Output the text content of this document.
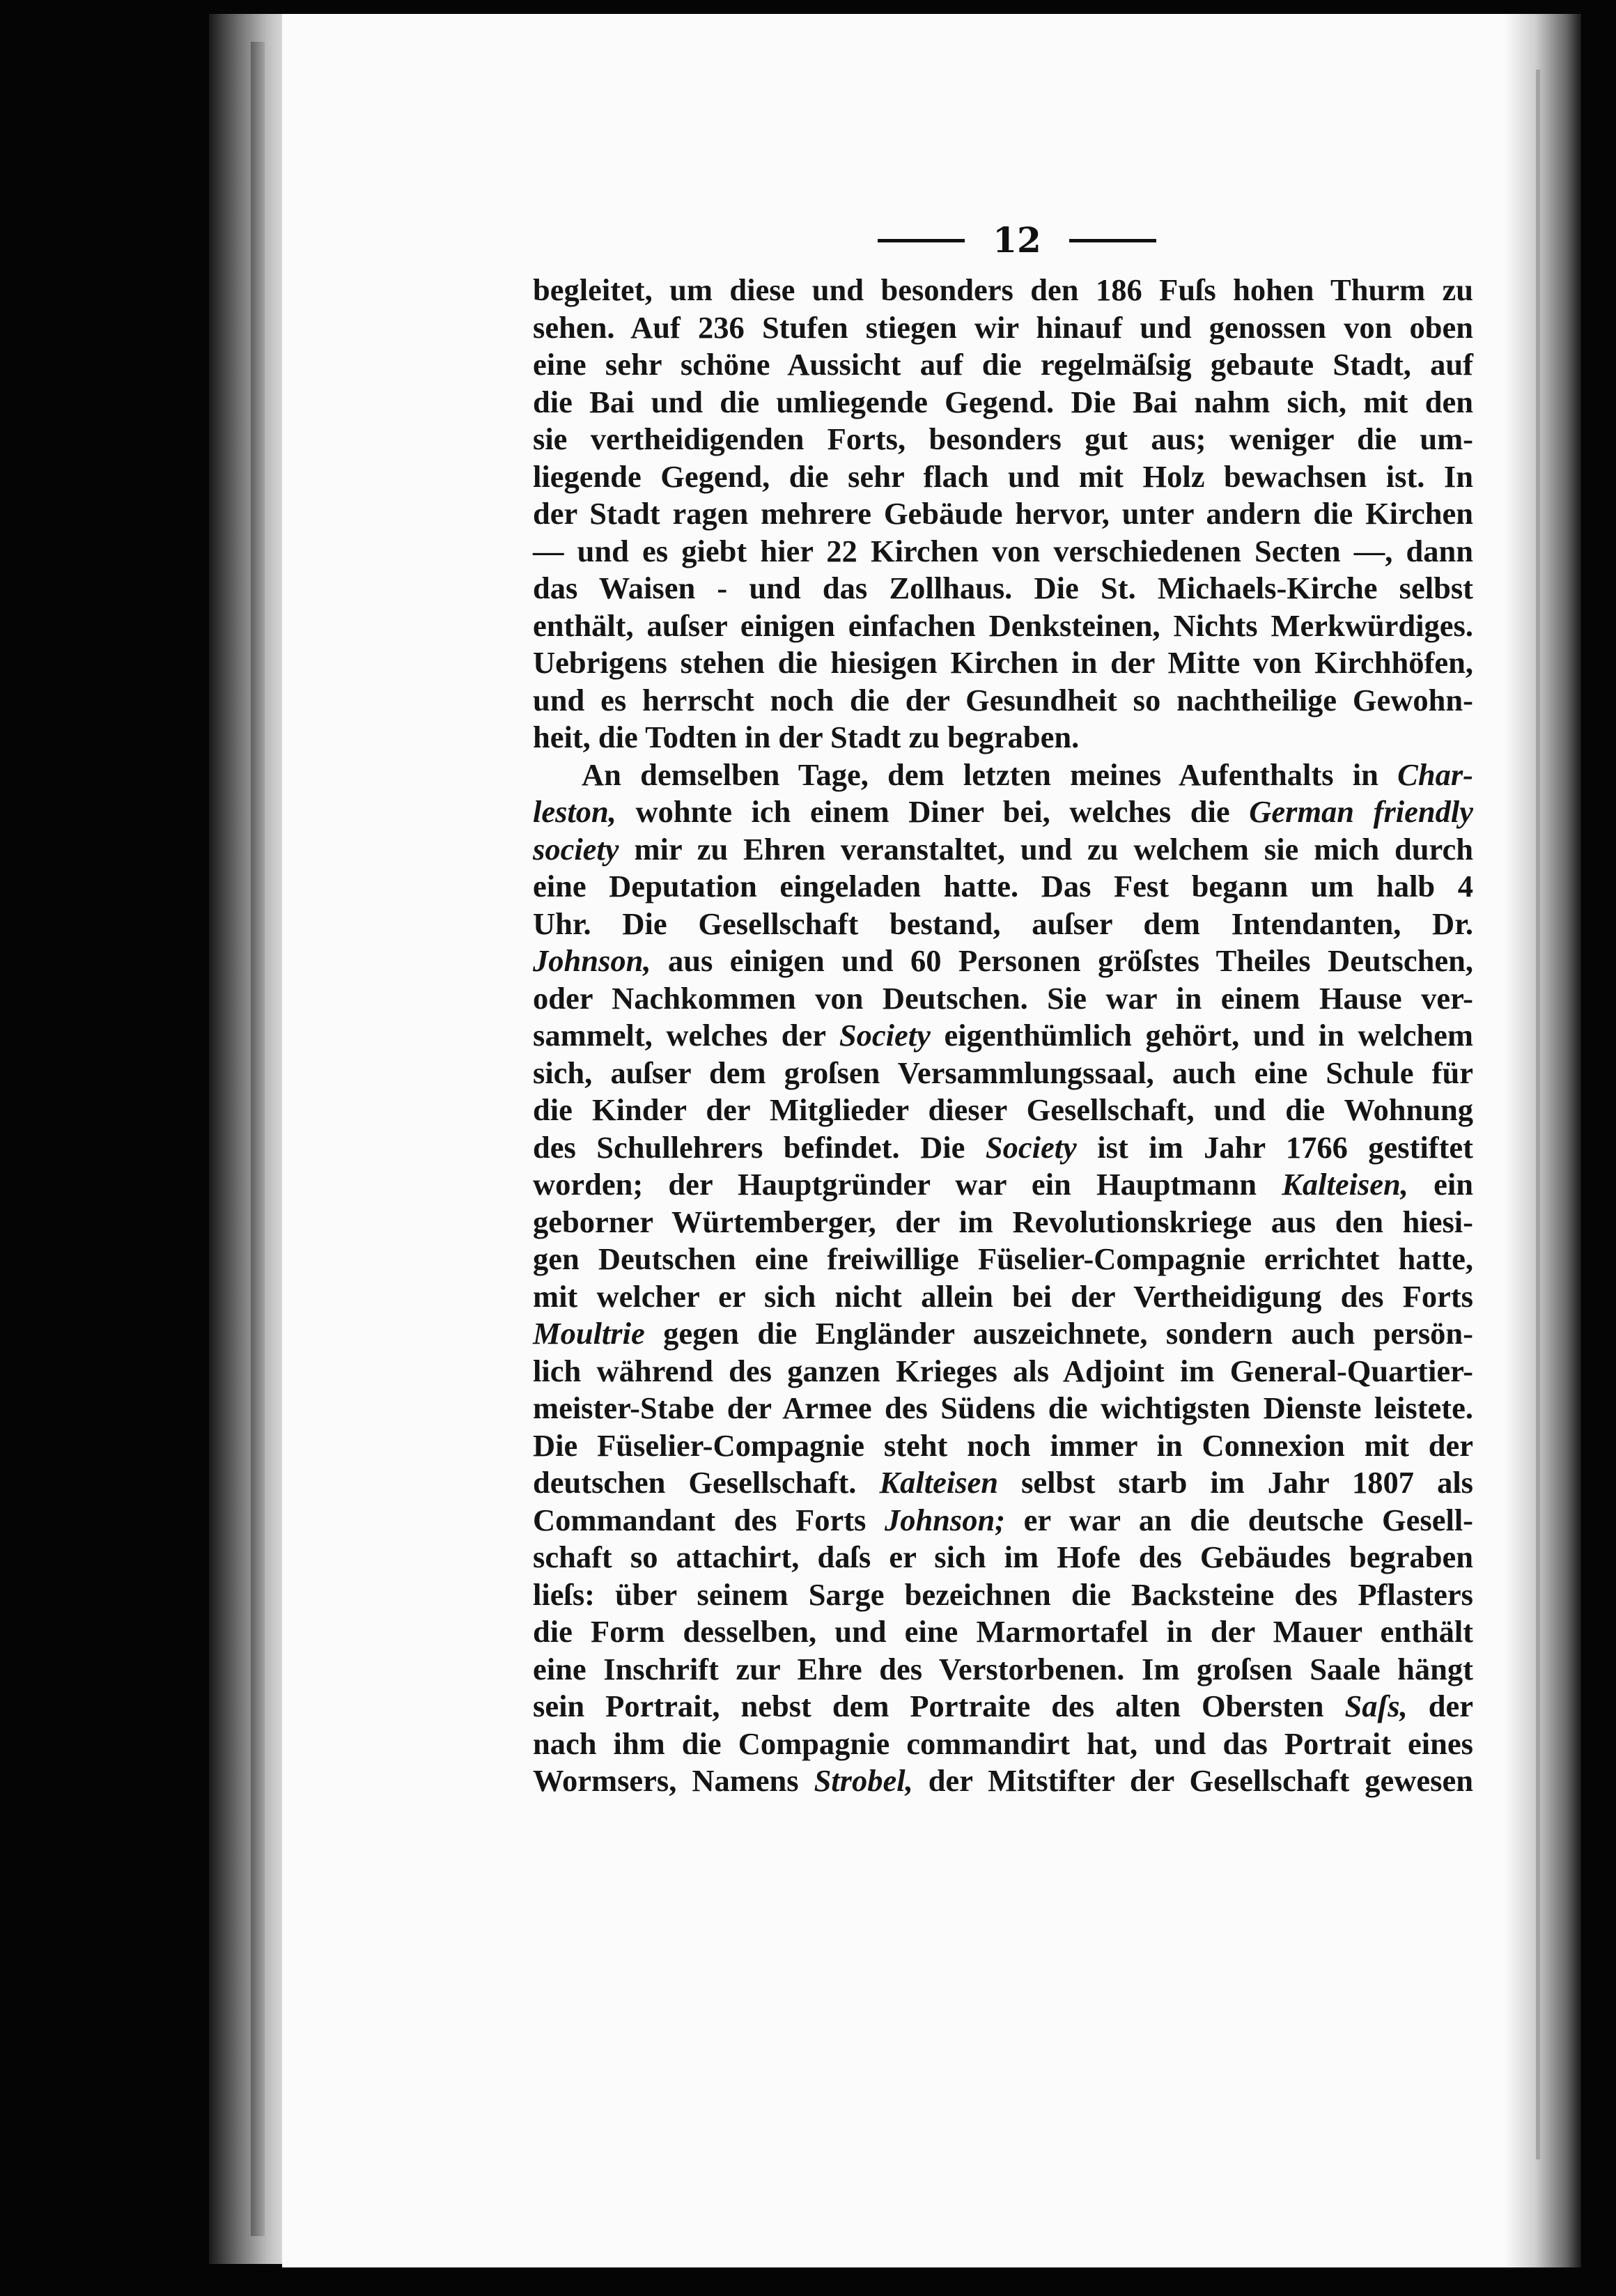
12
begleitet, um diese und besonders den 186 Fuſs hohen Thurm zu
sehen. Auf 236 Stufen stiegen wir hinauf und genossen von oben
eine sehr schöne Aussicht auf die regelmäſsig gebaute Stadt, auf
die Bai und die umliegende Gegend. Die Bai nahm sich, mit den
sie vertheidigenden Forts, besonders gut aus; weniger die um-
liegende Gegend, die sehr flach und mit Holz bewachsen ist. In
der Stadt ragen mehrere Gebäude hervor, unter andern die Kirchen
— und es giebt hier 22 Kirchen von verschiedenen Secten —, dann
das Waisen - und das Zollhaus. Die St. Michaels-Kirche selbst
enthält, auſser einigen einfachen Denksteinen, Nichts Merkwürdiges.
Uebrigens stehen die hiesigen Kirchen in der Mitte von Kirchhöfen,
und es herrscht noch die der Gesundheit so nachtheilige Gewohn-
heit, die Todten in der Stadt zu begraben.
An demselben Tage, dem letzten meines Aufenthalts in Char-
leston, wohnte ich einem Diner bei, welches die German friendly
society mir zu Ehren veranstaltet, und zu welchem sie mich durch
eine Deputation eingeladen hatte. Das Fest begann um halb 4
Uhr. Die Gesellschaft bestand, auſser dem Intendanten, Dr.
Johnson, aus einigen und 60 Personen gröſstes Theiles Deutschen,
oder Nachkommen von Deutschen. Sie war in einem Hause ver-
sammelt, welches der Society eigenthümlich gehört, und in welchem
sich, auſser dem groſsen Versammlungssaal, auch eine Schule für
die Kinder der Mitglieder dieser Gesellschaft, und die Wohnung
des Schullehrers befindet. Die Society ist im Jahr 1766 gestiftet
worden; der Hauptgründer war ein Hauptmann Kalteisen, ein
geborner Würtemberger, der im Revolutionskriege aus den hiesi-
gen Deutschen eine freiwillige Füselier-Compagnie errichtet hatte,
mit welcher er sich nicht allein bei der Vertheidigung des Forts
Moultrie gegen die Engländer auszeichnete, sondern auch persön-
lich während des ganzen Krieges als Adjoint im General-Quartier-
meister-Stabe der Armee des Südens die wichtigsten Dienste leistete.
Die Füselier-Compagnie steht noch immer in Connexion mit der
deutschen Gesellschaft. Kalteisen selbst starb im Jahr 1807 als
Commandant des Forts Johnson; er war an die deutsche Gesell-
schaft so attachirt, daſs er sich im Hofe des Gebäudes begraben
lieſs: über seinem Sarge bezeichnen die Backsteine des Pflasters
die Form desselben, und eine Marmortafel in der Mauer enthält
eine Inschrift zur Ehre des Verstorbenen. Im groſsen Saale hängt
sein Portrait, nebst dem Portraite des alten Obersten Saſs, der
nach ihm die Compagnie commandirt hat, und das Portrait eines
Wormsers, Namens Strobel, der Mitstifter der Gesellschaft gewesen
